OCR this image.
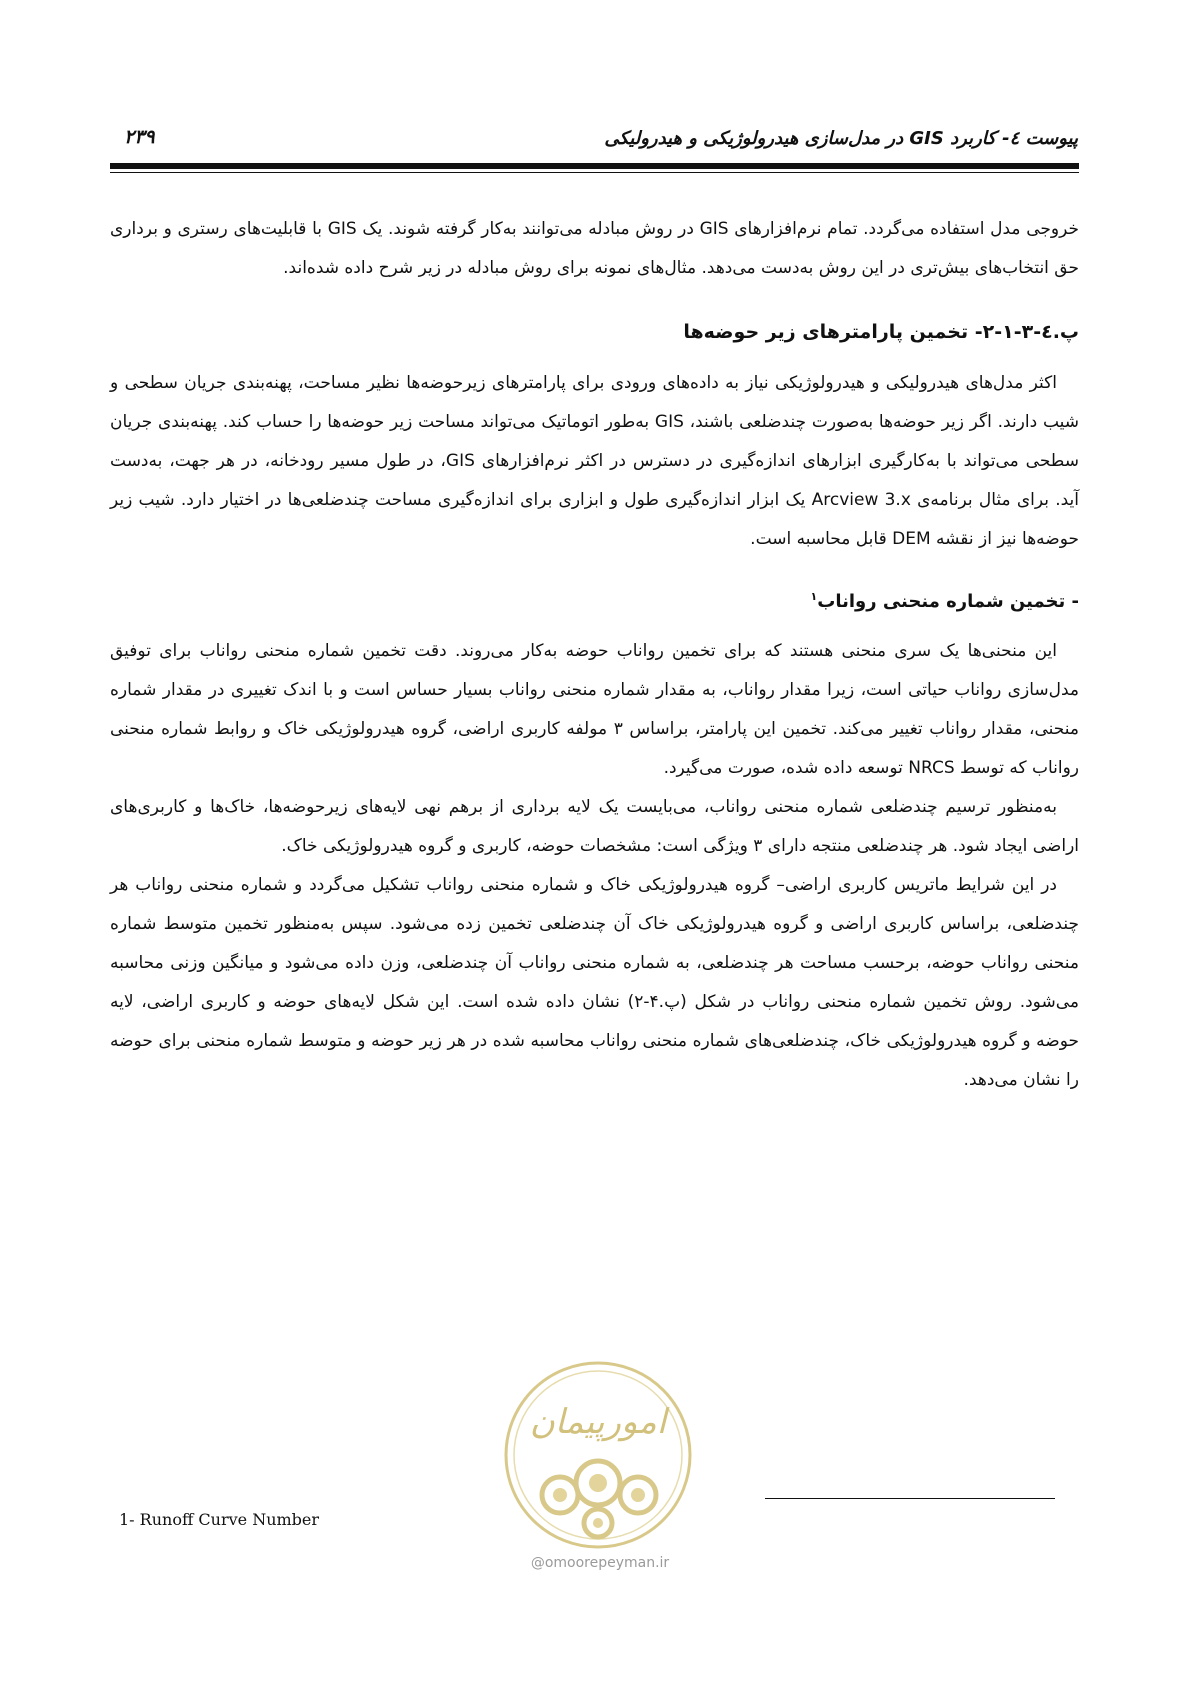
پیوست ٤- کاربرد GIS در مدل‌سازی هیدرولوژیکی و هیدرولیکی
۲۳۹

خروجی مدل استفاده می‌گردد. تمام نرم‌افزارهای GIS در روش مبادله می‌توانند به‌کار گرفته شوند. یک GIS با قابلیت‌های رستری و برداری حق انتخاب‌های بیش‌تری در این روش به‌دست می‌دهد. مثال‌های نمونه برای روش مبادله در زیر شرح داده شده‌اند.

پ.٤-۳-۱-۲- تخمین پارامترهای زیر حوضه‌ها

اکثر مدل‌های هیدرولیکی و هیدرولوژیکی نیاز به داده‌های ورودی برای پارامترهای زیرحوضه‌ها نظیر مساحت، پهنه‌بندی جریان سطحی و شیب دارند. اگر زیر حوضه‌ها به‌صورت چندضلعی باشند، GIS به‌طور اتوماتیک می‌تواند مساحت زیر حوضه‌ها را حساب کند. پهنه‌بندی جریان سطحی می‌تواند با به‌کارگیری ابزارهای اندازه‌گیری در دسترس در اکثر نرم‌افزارهای GIS، در طول مسیر رودخانه، در هر جهت، به‌دست آید. برای مثال برنامه‌ی Arcview 3.x یک ابزار اندازه‌گیری طول و ابزاری برای اندازه‌گیری مساحت چندضلعی‌ها در اختیار دارد. شیب زیر حوضه‌ها نیز از نقشه DEM قابل محاسبه است.

- تخمین شماره منحنی رواناب$^۱$

این منحنی‌ها یک سری منحنی هستند که برای تخمین رواناب حوضه به‌کار می‌روند. دقت تخمین شماره منحنی رواناب برای توفیق مدل‌سازی رواناب حیاتی است، زیرا مقدار رواناب، به مقدار شماره منحنی رواناب بسیار حساس است و با اندک تغییری در مقدار شماره منحنی، مقدار رواناب تغییر می‌کند. تخمین این پارامتر، براساس ۳ مولفه کاربری اراضی، گروه هیدرولوژیکی خاک و روابط شماره منحنی رواناب که توسط NRCS توسعه داده شده، صورت می‌گیرد.

به‌منظور ترسیم چندضلعی شماره منحنی رواناب، می‌بایست یک لایه برداری از برهم نهی لایه‌های زیرحوضه‌ها، خاک‌ها و کاربری‌های اراضی ایجاد شود. هر چندضلعی منتجه دارای ۳ ویژگی است: مشخصات حوضه، کاربری و گروه هیدرولوژیکی خاک.

در این شرایط ماتریس کاربری اراضی– گروه هیدرولوژیکی خاک و شماره منحنی رواناب تشکیل می‌گردد و شماره منحنی رواناب هر چندضلعی، براساس کاربری اراضی و گروه هیدرولوژیکی خاک آن چندضلعی تخمین زده می‌شود. سپس به‌منظور تخمین متوسط شماره منحنی رواناب حوضه، برحسب مساحت هر چندضلعی، به شماره منحنی رواناب آن چندضلعی، وزن داده می‌شود و میانگین وزنی محاسبه می‌شود. روش تخمین شماره منحنی رواناب در شکل (پ.۴-۲) نشان داده شده است. این شکل لایه‌های حوضه و کاربری اراضی، لایه حوضه و گروه هیدرولوژیکی خاک، چندضلعی‌های شماره منحنی رواناب محاسبه شده در هر زیر حوضه و متوسط شماره منحنی برای حوضه را نشان می‌دهد.

امورپیمان
@omoorepeyman.ir
1- Runoff Curve Number
